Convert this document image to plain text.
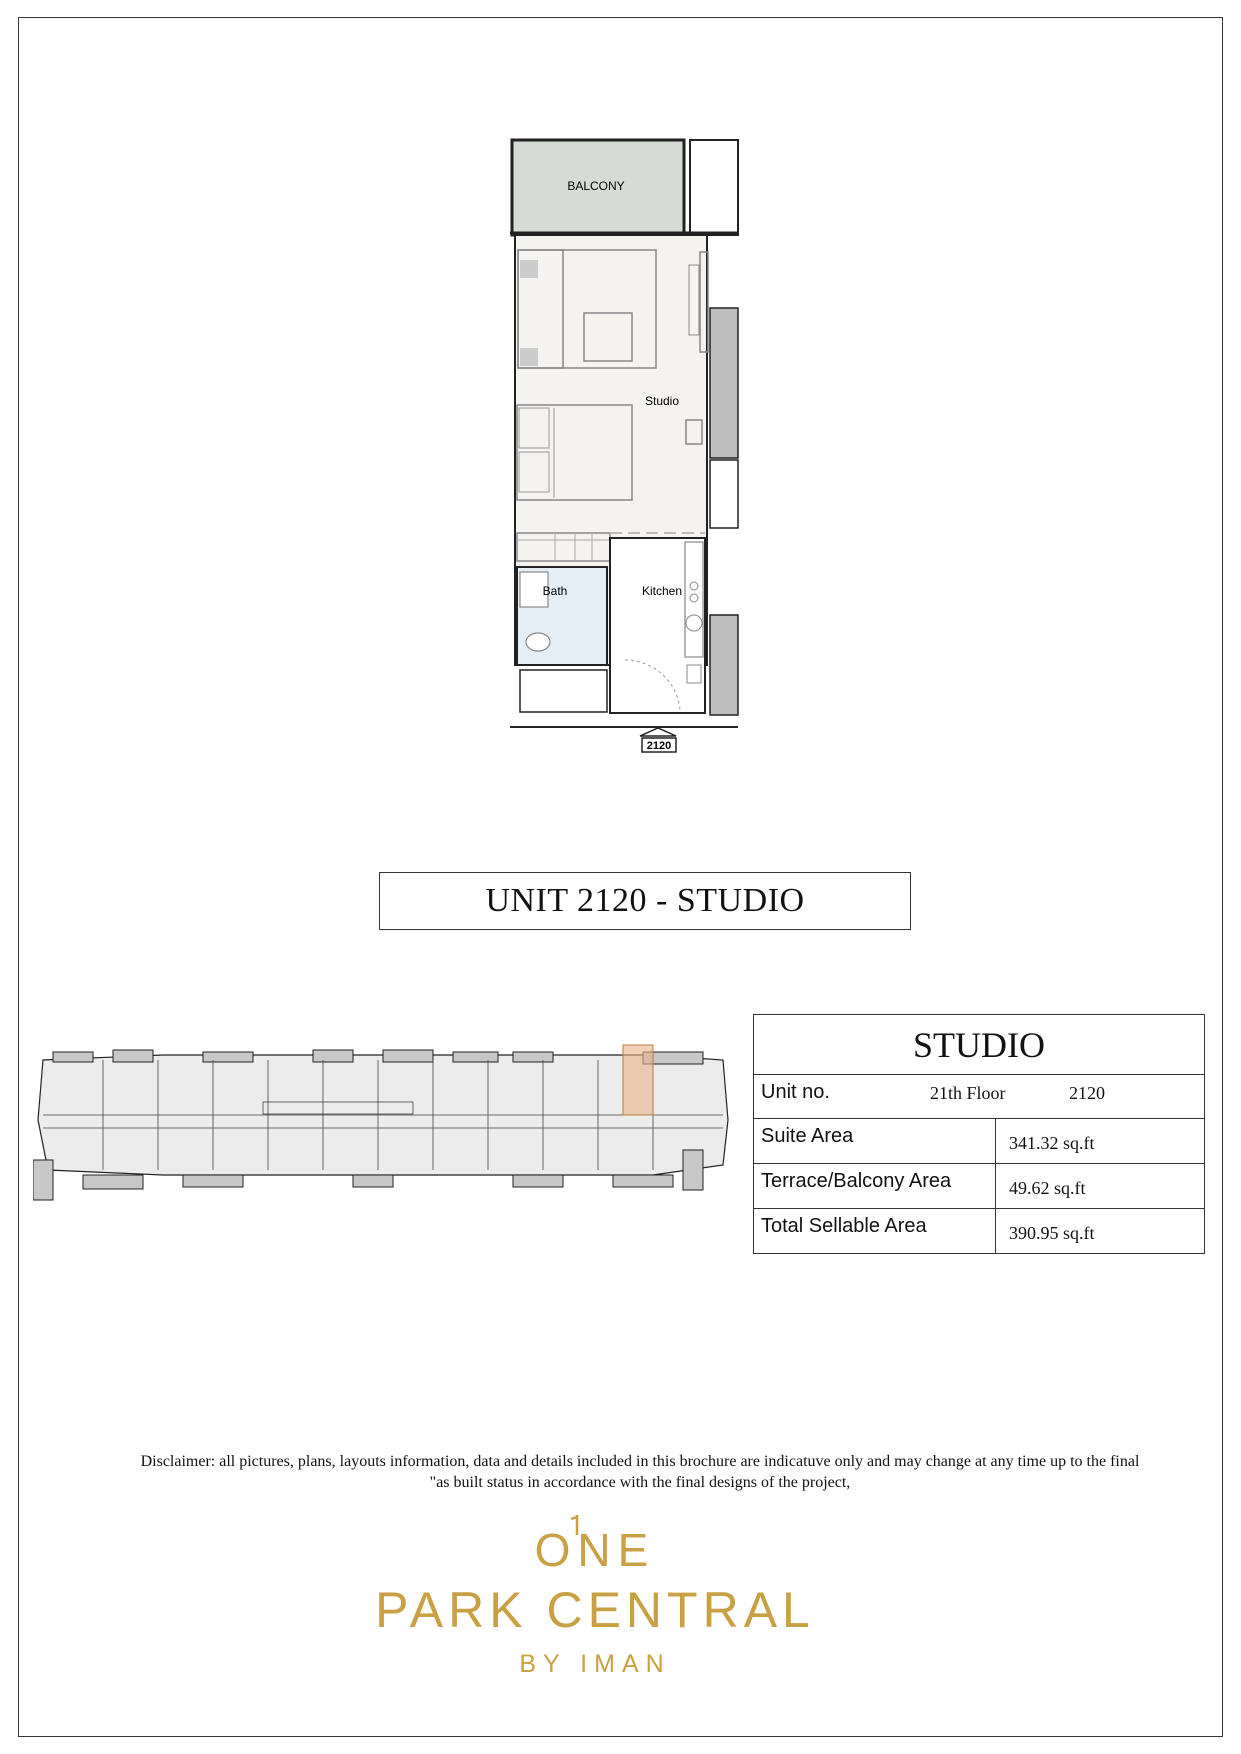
2120
BALCONY
Studio
Bath	Kitchen
UNIT 2120 - STUDIO
STUDIO
Unit no.	21th Floor	2120
Suite Area	341.32 sq.ft
Terrace/Balcony Area	49.62 sq.ft
Total Sellable Area	390.95 sq.ft
Disclaimer: all pictures, plans, layouts information, data and details included in this brochure are indicatuve only and may change at any time up to the final
"as built status in accordance with the final designs of the project,
ONE
PARK CENTRAL
BY IMAN
